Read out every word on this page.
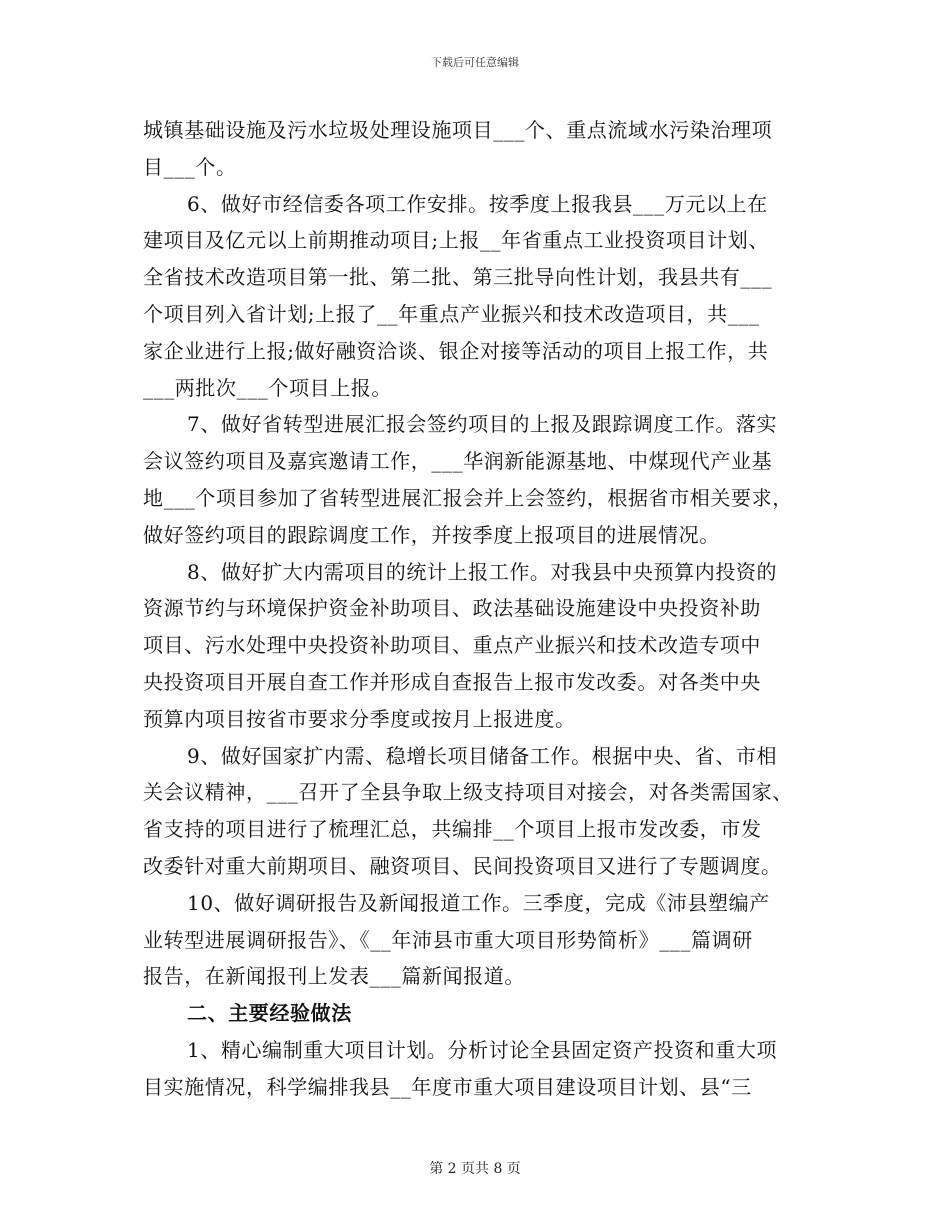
下载后可任意编辑
城镇基础设施及污水垃圾处理设施项目___个、重点流域水污染治理项
目___个。
6、做好市经信委各项工作安排。按季度上报我县___万元以上在
建项目及亿元以上前期推动项目;上报__年省重点工业投资项目计划、
全省技术改造项目第一批、第二批、第三批导向性计划，我县共有___
个项目列入省计划;上报了__年重点产业振兴和技术改造项目，共___
家企业进行上报;做好融资洽谈、银企对接等活动的项目上报工作，共
___两批次___个项目上报。
7、做好省转型进展汇报会签约项目的上报及跟踪调度工作。落实
会议签约项目及嘉宾邀请工作，___华润新能源基地、中煤现代产业基
地___个项目参加了省转型进展汇报会并上会签约，根据省市相关要求，
做好签约项目的跟踪调度工作，并按季度上报项目的进展情况。
8、做好扩大内需项目的统计上报工作。对我县中央预算内投资的
资源节约与环境保护资金补助项目、政法基础设施建设中央投资补助
项目、污水处理中央投资补助项目、重点产业振兴和技术改造专项中
央投资项目开展自查工作并形成自查报告上报市发改委。对各类中央
预算内项目按省市要求分季度或按月上报进度。
9、做好国家扩内需、稳增长项目储备工作。根据中央、省、市相
关会议精神，___召开了全县争取上级支持项目对接会，对各类需国家、
省支持的项目进行了梳理汇总，共编排__个项目上报市发改委，市发
改委针对重大前期项目、融资项目、民间投资项目又进行了专题调度。
10、做好调研报告及新闻报道工作。三季度，完成《沛县塑编产
业转型进展调研报告》、《__年沛县市重大项目形势简析》___篇调研
报告，在新闻报刊上发表___篇新闻报道。
二、主要经验做法
1、精心编制重大项目计划。分析讨论全县固定资产投资和重大项
目实施情况，科学编排我县__年度市重大项目建设项目计划、县“三
第 2 页共 8 页
